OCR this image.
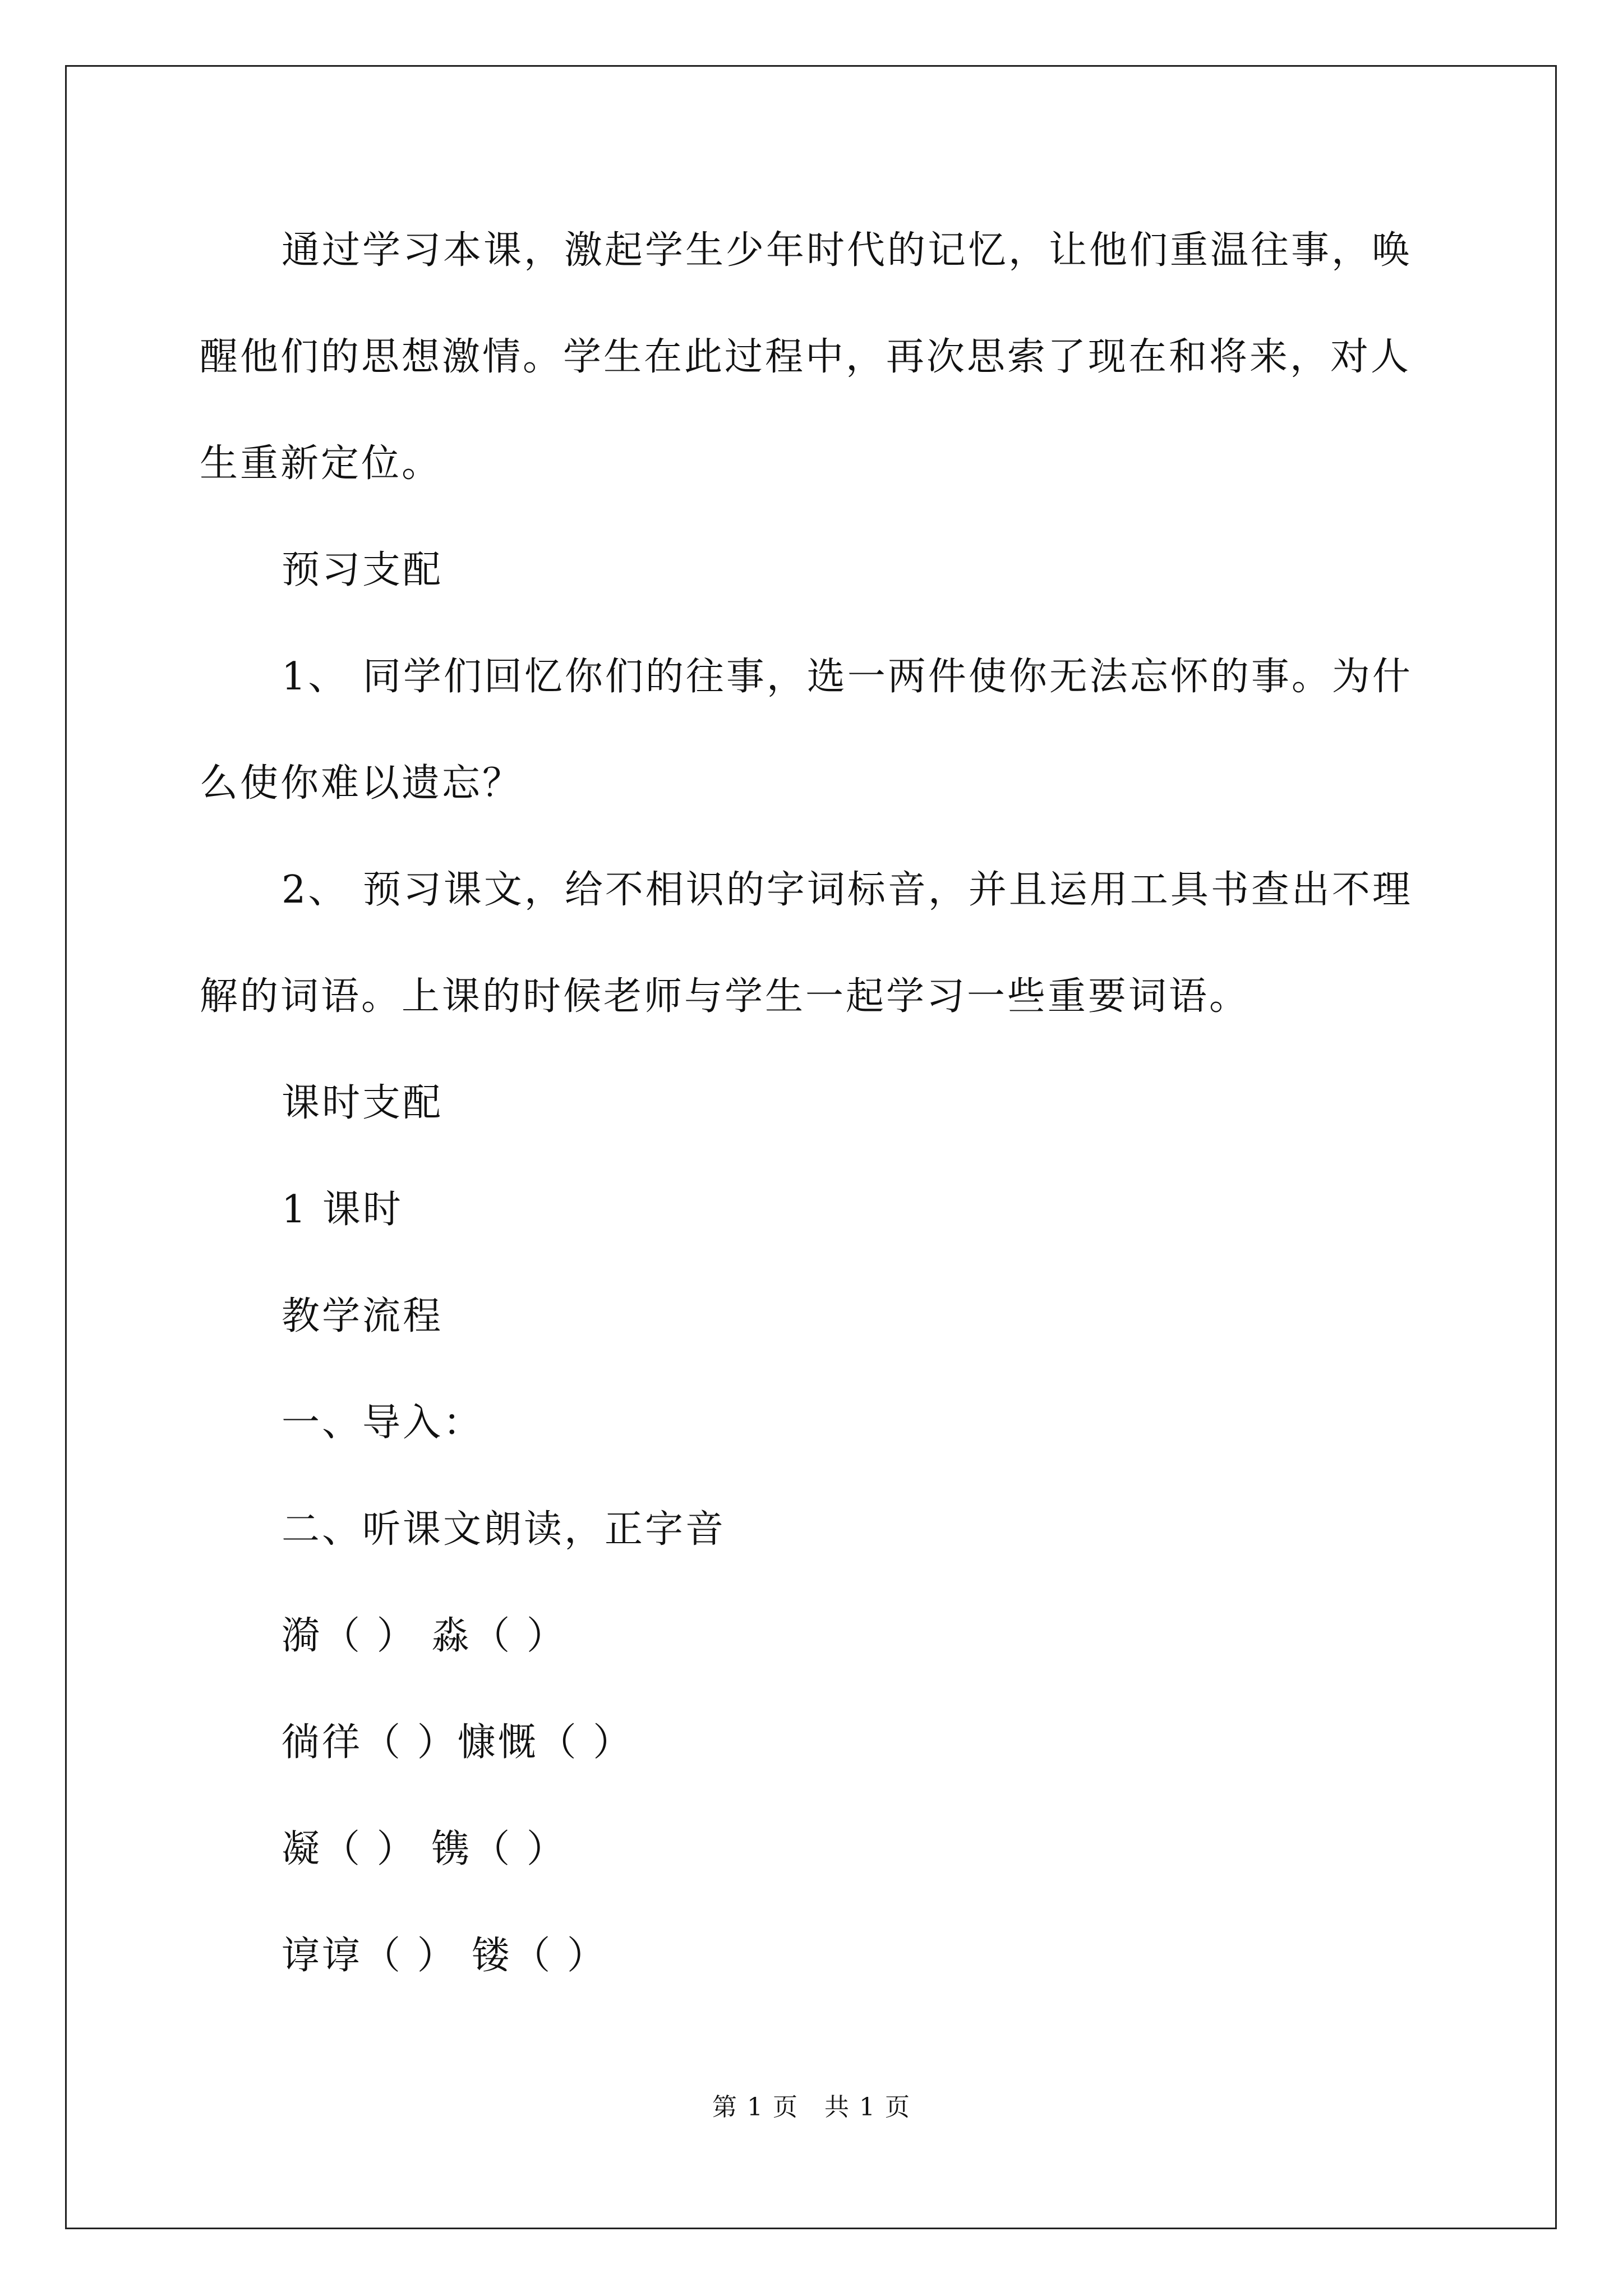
通过学习本课，激起学生少年时代的记忆，让他们重温往事，唤
醒他们的思想激情。学生在此过程中，再次思索了现在和将来，对人
生重新定位。
预习支配
1、 同学们回忆你们的往事，选一两件使你无法忘怀的事。为什
么使你难以遗忘？
2、 预习课文，给不相识的字词标音，并且运用工具书查出不理
解的词语。上课的时候老师与学生一起学习一些重要词语。
课时支配
1 课时
教学流程
一、导入：
二、听课文朗读，正字音
漪（ ） 淼（ ）
徜徉（ ）慷慨（ ）
凝（ ） 镌（ ）
谆谆（ ） 镂（ ）
第 1 页　共 1 页
